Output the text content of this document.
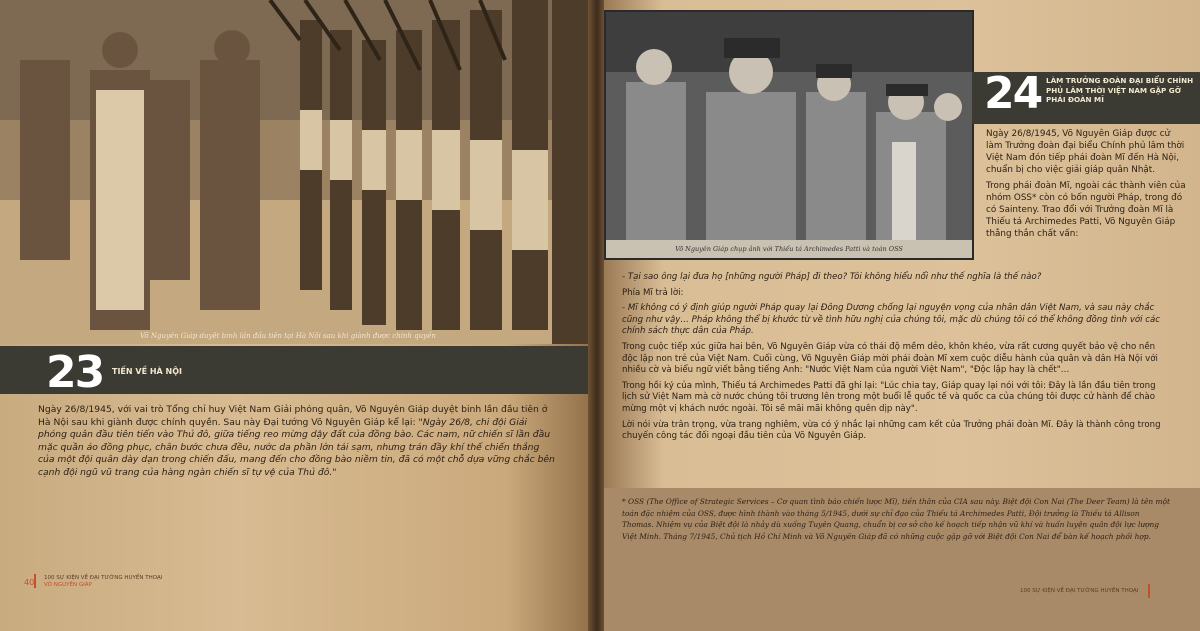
Võ Nguyên Giáp duyệt binh lần đầu tiên tại Hà Nội sau khi giành được chính quyền
23 TIẾN VỀ HÀ NỘI

Ngày 26/8/1945, với vai trò Tổng chỉ huy Việt Nam Giải phóng quân, Võ Nguyên Giáp duyệt binh lần đầu tiên ở Hà Nội sau khi giành được chính quyền. Sau này Đại tướng Võ Nguyên Giáp kể lại: "Ngày 26/8, chi đội Giải phóng quân đầu tiên tiến vào Thủ đô, giữa tiếng reo mừng dậy đất của đồng bào. Các nam, nữ chiến sĩ lần đầu mặc quần áo đồng phục, chân bước chưa đều, nước da phần lớn tái sạm, nhưng trán đầy khí thế chiến thắng của một đội quân dày dạn trong chiến đấu, mang đến cho đồng bào niềm tin, đã có một chỗ dựa vững chắc bên cạnh đội ngũ vũ trang của hàng ngàn chiến sĩ tự vệ của Thủ đô."

40 100 SỰ KIỆN VỀ ĐẠI TƯỚNG HUYỀN THOẠI
VÕ NGUYÊN GIÁP
Võ Nguyên Giáp chụp ảnh với Thiếu tá Archimedes Patti và toán OSS
24 LÀM TRƯỞNG ĐOÀN ĐẠI BIỂU CHÍNH PHỦ LÂM THỜI VIỆT NAM GẶP GỠ PHÁI ĐOÀN MĨ

Ngày 26/8/1945, Võ Nguyên Giáp được cử làm Trưởng đoàn đại biểu Chính phủ lâm thời Việt Nam đón tiếp phái đoàn Mĩ đến Hà Nội, chuẩn bị cho việc giải giáp quân Nhật.

Trong phái đoàn Mĩ, ngoài các thành viên của nhóm OSS* còn có bốn người Pháp, trong đó có Sainteny. Trao đổi với Trưởng đoàn Mĩ là Thiếu tá Archimedes Patti, Võ Nguyên Giáp thẳng thắn chất vấn:

- Tại sao ông lại đưa họ [những người Pháp] đi theo? Tôi không hiểu nổi như thế nghĩa là thế nào?

Phía Mĩ trả lời:

- Mĩ không có ý định giúp người Pháp quay lại Đông Dương chống lại nguyện vọng của nhân dân Việt Nam, và sau này chắc cũng như vậy… Pháp không thể bị khước từ về tình hữu nghị của chúng tôi, mặc dù chúng tôi có thể không đồng tình với các chính sách thực dân của Pháp.

Trong cuộc tiếp xúc giữa hai bên, Võ Nguyên Giáp vừa có thái độ mềm dẻo, khôn khéo, vừa rất cương quyết bảo vệ cho nền độc lập non trẻ của Việt Nam. Cuối cùng, Võ Nguyên Giáp mời phái đoàn Mĩ xem cuộc diễu hành của quân và dân Hà Nội với nhiều cờ và biểu ngữ viết bằng tiếng Anh: "Nước Việt Nam của người Việt Nam", "Độc lập hay là chết"…

Trong hồi ký của mình, Thiếu tá Archimedes Patti đã ghi lại: "Lúc chia tay, Giáp quay lại nói với tôi: Đây là lần đầu tiên trong lịch sử Việt Nam mà cờ nước chúng tôi trương lên trong một buổi lễ quốc tế và quốc ca của chúng tôi được cử hành để chào mừng một vị khách nước ngoài. Tôi sẽ mãi mãi không quên dịp này".

Lời nói vừa trân trọng, vừa trang nghiêm, vừa có ý nhắc lại những cam kết của Trưởng phái đoàn Mĩ. Đây là thành công trong chuyến công tác đối ngoại đầu tiên của Võ Nguyên Giáp.

* OSS (The Office of Strategic Services – Cơ quan tình báo chiến lược Mĩ), tiền thân của CIA sau này. Biệt đội Con Nai (The Deer Team) là tên một toán đặc nhiệm của OSS, được hình thành vào tháng 5/1945, dưới sự chỉ đạo của Thiếu tá Archimedes Patti, Đội trưởng là Thiếu tá Allison Thomas. Nhiệm vụ của Biệt đội là nhảy dù xuống Tuyên Quang, chuẩn bị cơ sở cho kế hoạch tiếp nhận vũ khí và huấn luyện quân đội lực lượng Việt Minh. Tháng 7/1945, Chủ tịch Hồ Chí Minh và Võ Nguyên Giáp đã có những cuộc gặp gỡ với Biệt đội Con Nai để bàn kế hoạch phối hợp.
100 SỰ KIỆN VỀ ĐẠI TƯỚNG HUYỀN THOẠI
